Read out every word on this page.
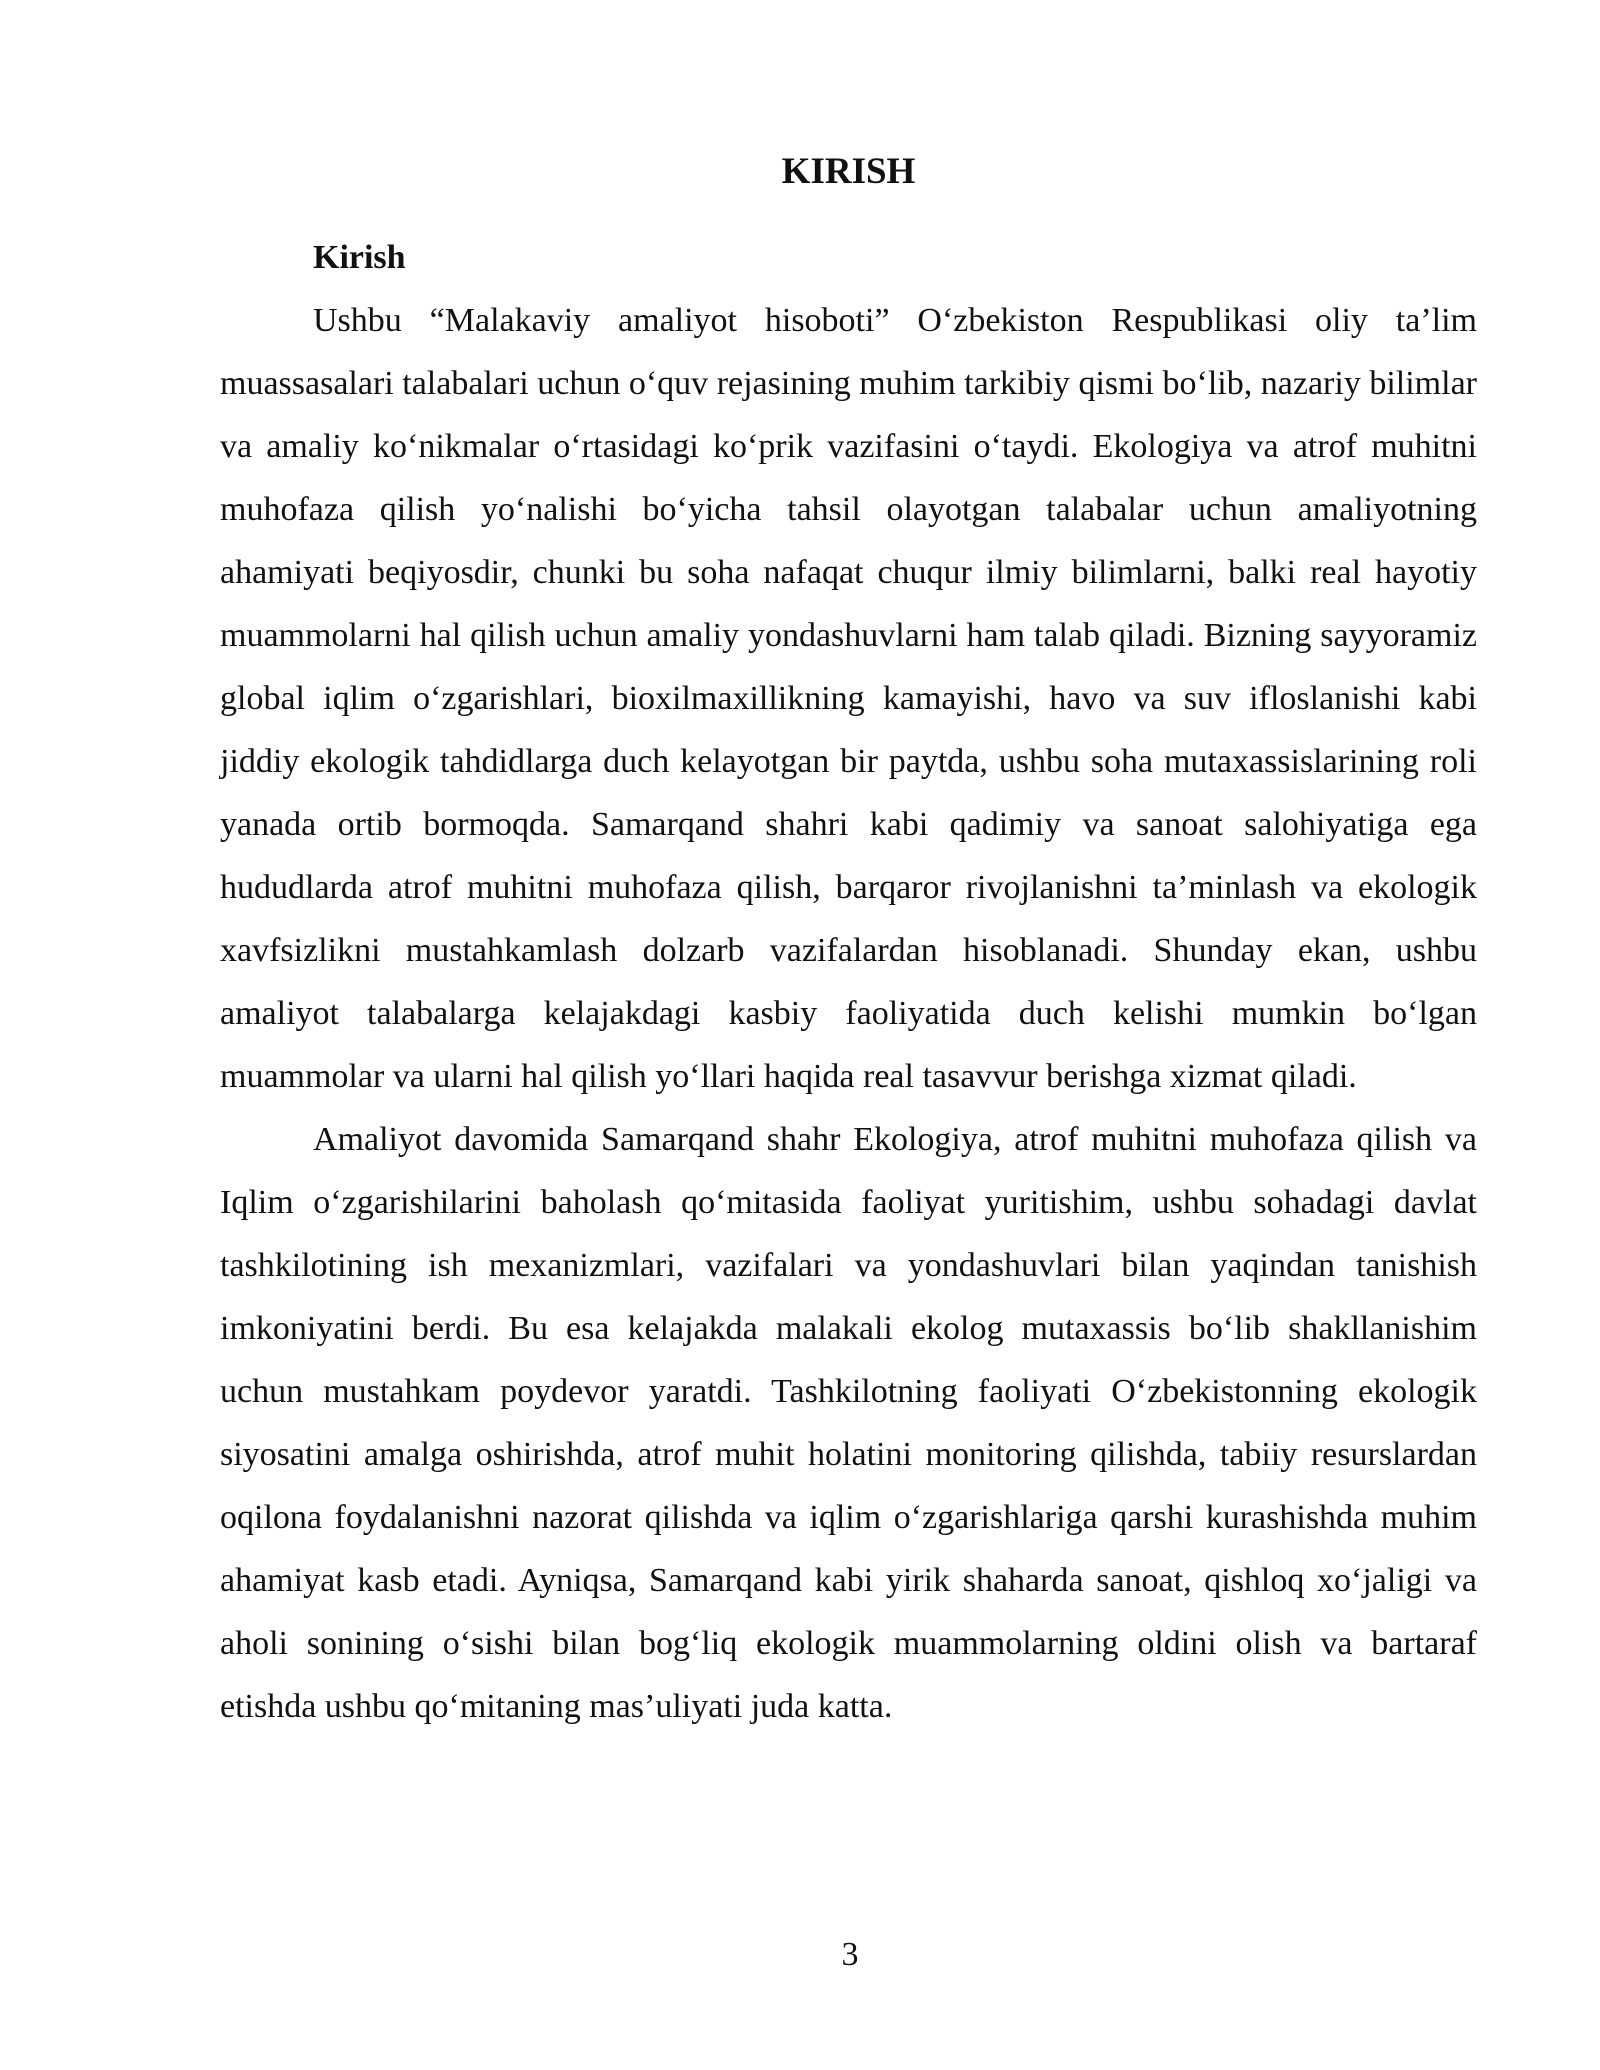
KIRISH
Kirish

Ushbu “Malakaviy amaliyot hisoboti” O‘zbekiston Respublikasi oliy ta’lim muassasalari talabalari uchun o‘quv rejasining muhim tarkibiy qismi bo‘lib, nazariy bilimlar va amaliy ko‘nikmalar o‘rtasidagi ko‘prik vazifasini o‘taydi. Ekologiya va atrof muhitni muhofaza qilish yo‘nalishi bo‘yicha tahsil olayotgan talabalar uchun amaliyotning ahamiyati beqiyosdir, chunki bu soha nafaqat chuqur ilmiy bilimlarni, balki real hayotiy muammolarni hal qilish uchun amaliy yondashuvlarni ham talab qiladi. Bizning sayyoramiz global iqlim o‘zgarishlari, bioxilmaxillikning kamayishi, havo va suv ifloslanishi kabi jiddiy ekologik tahdidlarga duch kelayotgan bir paytda, ushbu soha mutaxassislarining roli yanada ortib bormoqda. Samarqand shahri kabi qadimiy va sanoat salohiyatiga ega hududlarda atrof muhitni muhofaza qilish, barqaror rivojlanishni ta’minlash va ekologik xavfsizlikni mustahkamlash dolzarb vazifalardan hisoblanadi. Shunday ekan, ushbu amaliyot talabalarga kelajakdagi kasbiy faoliyatida duch kelishi mumkin bo‘lgan muammolar va ularni hal qilish yo‘llari haqida real tasavvur berishga xizmat qiladi.

Amaliyot davomida Samarqand shahr Ekologiya, atrof muhitni muhofaza qilish va Iqlim o‘zgarishilarini baholash qo‘mitasida faoliyat yuritishim, ushbu sohadagi davlat tashkilotining ish mexanizmlari, vazifalari va yondashuvlari bilan yaqindan tanishish imkoniyatini berdi. Bu esa kelajakda malakali ekolog mutaxassis bo‘lib shakllanishim uchun mustahkam poydevor yaratdi. Tashkilotning faoliyati O‘zbekistonning ekologik siyosatini amalga oshirishda, atrof muhit holatini monitoring qilishda, tabiiy resurslardan oqilona foydalanishni nazorat qilishda va iqlim o‘zgarishlariga qarshi kurashishda muhim ahamiyat kasb etadi. Ayniqsa, Samarqand kabi yirik shaharda sanoat, qishloq xo‘jaligi va aholi sonining o‘sishi bilan bog‘liq ekologik muammolarning oldini olish va bartaraf etishda ushbu qo‘mitaning mas’uliyati juda katta.

3
